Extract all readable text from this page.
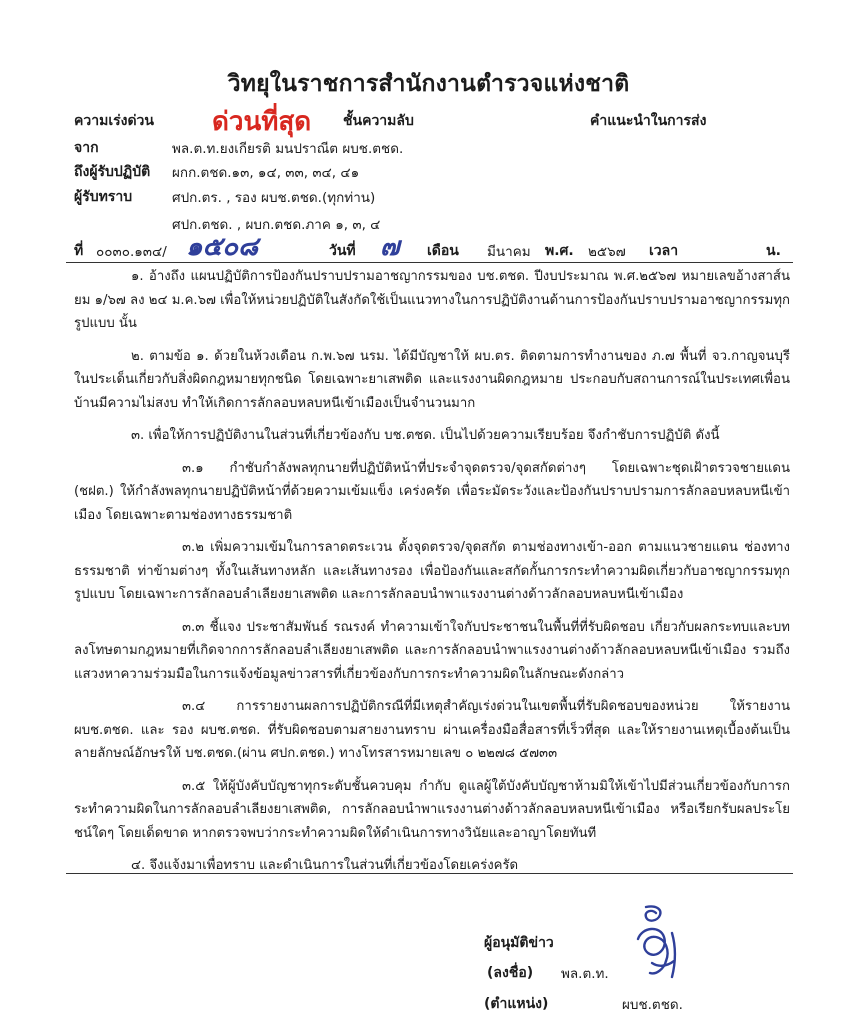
วิทยุในราชการสำนักงานตำรวจแห่งชาติ
ความเร่งด่วน ด่วนที่สุด ชั้นความลับ	คำแนะนำในการส่ง
จาก	พล.ต.ท.ยงเกียรติ มนปราณีต ผบช.ตชด.
ถึงผู้รับปฏิบัติ ผกก.ตชด.๑๓, ๑๔, ๓๓, ๓๔, ๔๑
ผู้รับทราบ	ศปก.ตร. , รอง ผบช.ตชด.(ทุกท่าน)
ศปก.ตชด. , ผบก.ตชด.ภาค ๑, ๓, ๔
ที่ ๐๐๓๐.๑๓๔/ ๑๕๐๘	วันที่ ๗ เดือน มีนาคม พ.ศ. ๒๕๖๗ เวลา	น.

๑. อ้างถึง แผนปฏิบัติการป้องกันปราบปรามอาชญากรรมของ บช.ตชด. ปีงบประมาณ พ.ศ.๒๕๖๗ หมายเลขอ้างสาส์นยม ๑/๖๗ ลง ๒๔ ม.ค.๖๗ เพื่อให้หน่วยปฏิบัติในสังกัดใช้เป็นแนวทางในการปฏิบัติงานด้านการป้องกันปราบปรามอาชญากรรมทุกรูปแบบ นั้น

๒. ตามข้อ ๑. ด้วยในห้วงเดือน ก.พ.๖๗ นรม. ได้มีบัญชาให้ ผบ.ตร. ติดตามการทำงานของ ภ.๗ พื้นที่ จว.กาญจนบุรี ในประเด็นเกี่ยวกับสิ่งผิดกฎหมายทุกชนิด โดยเฉพาะยาเสพติด และแรงงานผิดกฎหมาย ประกอบกับสถานการณ์ในประเทศเพื่อนบ้านมีความไม่สงบ ทำให้เกิดการลักลอบหลบหนีเข้าเมืองเป็นจำนวนมาก

๓. เพื่อให้การปฏิบัติงานในส่วนที่เกี่ยวข้องกับ บช.ตชด. เป็นไปด้วยความเรียบร้อย จึงกำชับการปฏิบัติ ดังนี้

๓.๑ กำชับกำลังพลทุกนายที่ปฏิบัติหน้าที่ประจำจุดตรวจ/จุดสกัดต่างๆ โดยเฉพาะชุดเฝ้าตรวจชายแดน (ชฝต.) ให้กำลังพลทุกนายปฏิบัติหน้าที่ด้วยความเข้มแข็ง เคร่งครัด เพื่อระมัดระวังและป้องกันปราบปรามการลักลอบหลบหนีเข้าเมือง โดยเฉพาะตามช่องทางธรรมชาติ

๓.๒ เพิ่มความเข้มในการลาดตระเวน ตั้งจุดตรวจ/จุดสกัด ตามช่องทางเข้า-ออก ตามแนวชายแดน ช่องทางธรรมชาติ ท่าข้ามต่างๆ ทั้งในเส้นทางหลัก และเส้นทางรอง เพื่อป้องกันและสกัดกั้นการกระทำความผิดเกี่ยวกับอาชญากรรมทุกรูปแบบ โดยเฉพาะการลักลอบลำเลียงยาเสพติด และการลักลอบนำพาแรงงานต่างด้าวลักลอบหลบหนีเข้าเมือง

๓.๓ ชี้แจง ประชาสัมพันธ์ รณรงค์ ทำความเข้าใจกับประชาชนในพื้นที่ที่รับผิดชอบ เกี่ยวกับผลกระทบและบทลงโทษตามกฎหมายที่เกิดจากการลักลอบลำเลียงยาเสพติด และการลักลอบนำพาแรงงานต่างด้าวลักลอบหลบหนีเข้าเมือง รวมถึงแสวงหาความร่วมมือในการแจ้งข้อมูลข่าวสารที่เกี่ยวข้องกับการกระทำความผิดในลักษณะดังกล่าว

๓.๔ การรายงานผลการปฏิบัติกรณีที่มีเหตุสำคัญเร่งด่วนในเขตพื้นที่รับผิดชอบของหน่วย ให้รายงาน ผบช.ตชด. และ รอง ผบช.ตชด. ที่รับผิดชอบตามสายงานทราบ ผ่านเครื่องมือสื่อสารที่เร็วที่สุด และให้รายงานเหตุเบื้องต้นเป็นลายลักษณ์อักษรให้ บช.ตชด.(ผ่าน ศปก.ตชด.) ทางโทรสารหมายเลข ๐ ๒๒๗๘ ๕๗๓๓

๓.๕ ให้ผู้บังคับบัญชาทุกระดับชั้นควบคุม กำกับ ดูแลผู้ใต้บังคับบัญชาห้ามมิให้เข้าไปมีส่วนเกี่ยวข้องกับการกระทำความผิดในการลักลอบลำเลียงยาเสพติด, การลักลอบนำพาแรงงานต่างด้าวลักลอบหลบหนีเข้าเมือง หรือเรียกรับผลประโยชน์ใดๆ โดยเด็ดขาด หากตรวจพบว่ากระทำความผิดให้ดำเนินการทางวินัยและอาญาโดยทันที

๔. จึงแจ้งมาเพื่อทราบ และดำเนินการในส่วนที่เกี่ยวข้องโดยเคร่งครัด

ผู้อนุมัติข่าว
(ลงชื่อ) พล.ต.ท.
(ตำแหน่ง)	ผบช.ตชด.
